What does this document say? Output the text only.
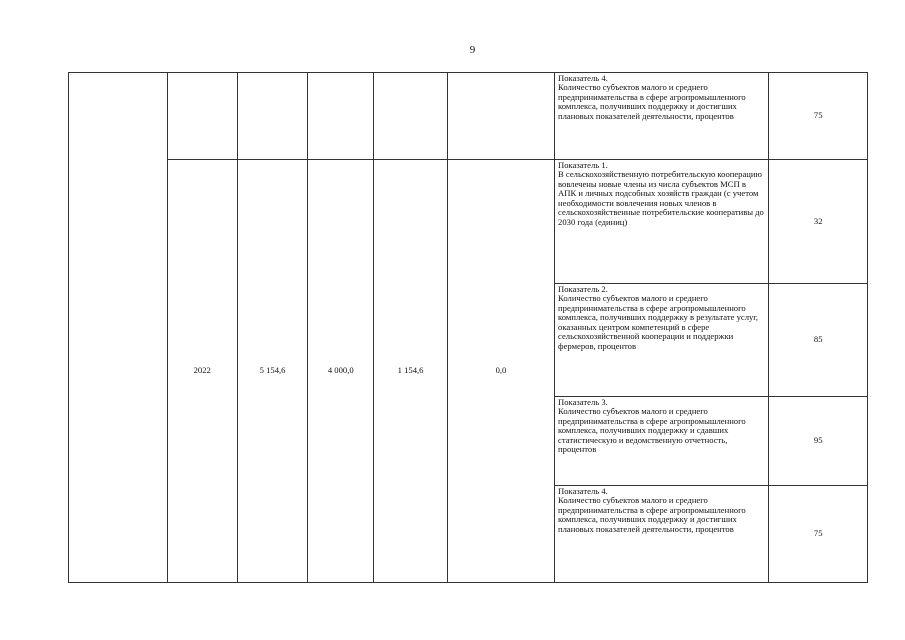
9

						Показатель 4.
Количество субъектов малого и среднего предпринимательства в сфере агропромышленного комплекса, получивших поддержку и достигших плановых показателей деятельности, процентов	75
	2022	5 154,6	4 000,0	1 154,6	0,0	Показатель 1.
В сельскохозяйственную потребительскую кооперацию вовлечены новые члены из числа субъектов МСП в АПК и личных подсобных хозяйств граждан (с учетом необходимости вовлечения новых членов в сельскохозяйственные потребительские кооперативы до 2030 года (единиц)	32

						Показатель 2.
Количество субъектов малого и среднего предпринимательства в сфере агропромышленного комплекса, получивших поддержку в результате услуг, оказанных центром компетенций в сфере сельскохозяйственной кооперации и поддержки фермеров, процентов	85

						Показатель 3.
Количество субъектов малого и среднего предпринимательства в сфере агропромышленного комплекса, получивших поддержку и сдавших статистическую и ведомственную отчетность, процентов	95

						Показатель 4.
Количество субъектов малого и среднего предпринимательства в сфере агропромышленного комплекса, получивших поддержку и достигших плановых показателей деятельности, процентов	75
